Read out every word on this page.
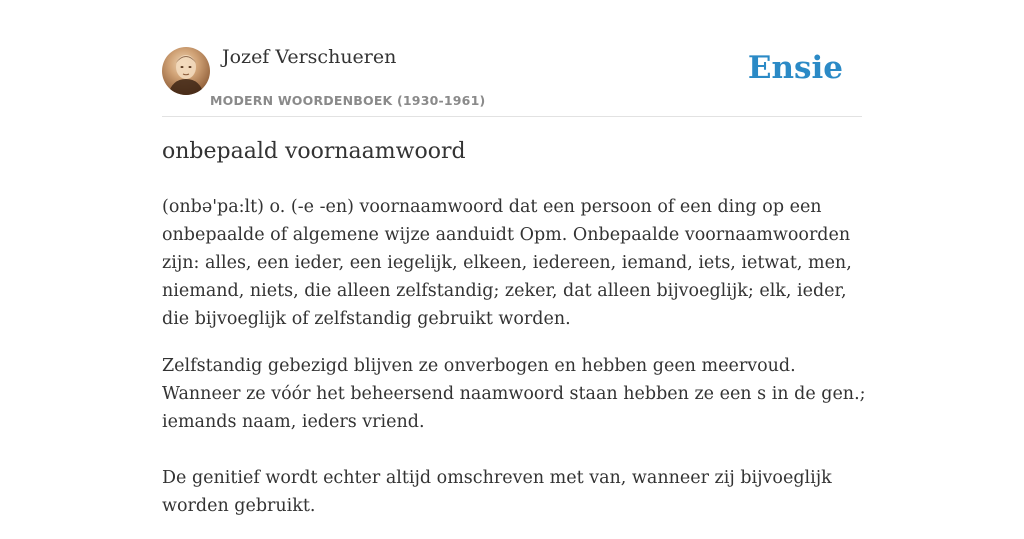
Jozef Verschueren
MODERN WOORDENBOEK (1930-1961)
Ensie
onbepaald voornaamwoord

(onbə'pa:lt) o. (-e -en) voornaamwoord dat een persoon of een ding op een onbepaalde of algemene wijze aanduidt Opm. Onbepaalde voornaamwoorden zijn: alles, een ieder, een iegelijk, elkeen, iedereen, iemand, iets, ietwat, men, niemand, niets, die alleen zelfstandig; zeker, dat alleen bijvoeglijk; elk, ieder, die bijvoeglijk of zelfstandig gebruikt worden.

Zelfstandig gebezigd blijven ze onverbogen en hebben geen meervoud. Wanneer ze vóór het beheersend naamwoord staan hebben ze een s in de gen.; iemands naam, ieders vriend.

De genitief wordt echter altijd omschreven met van, wanneer zij bijvoeglijk worden gebruikt.
